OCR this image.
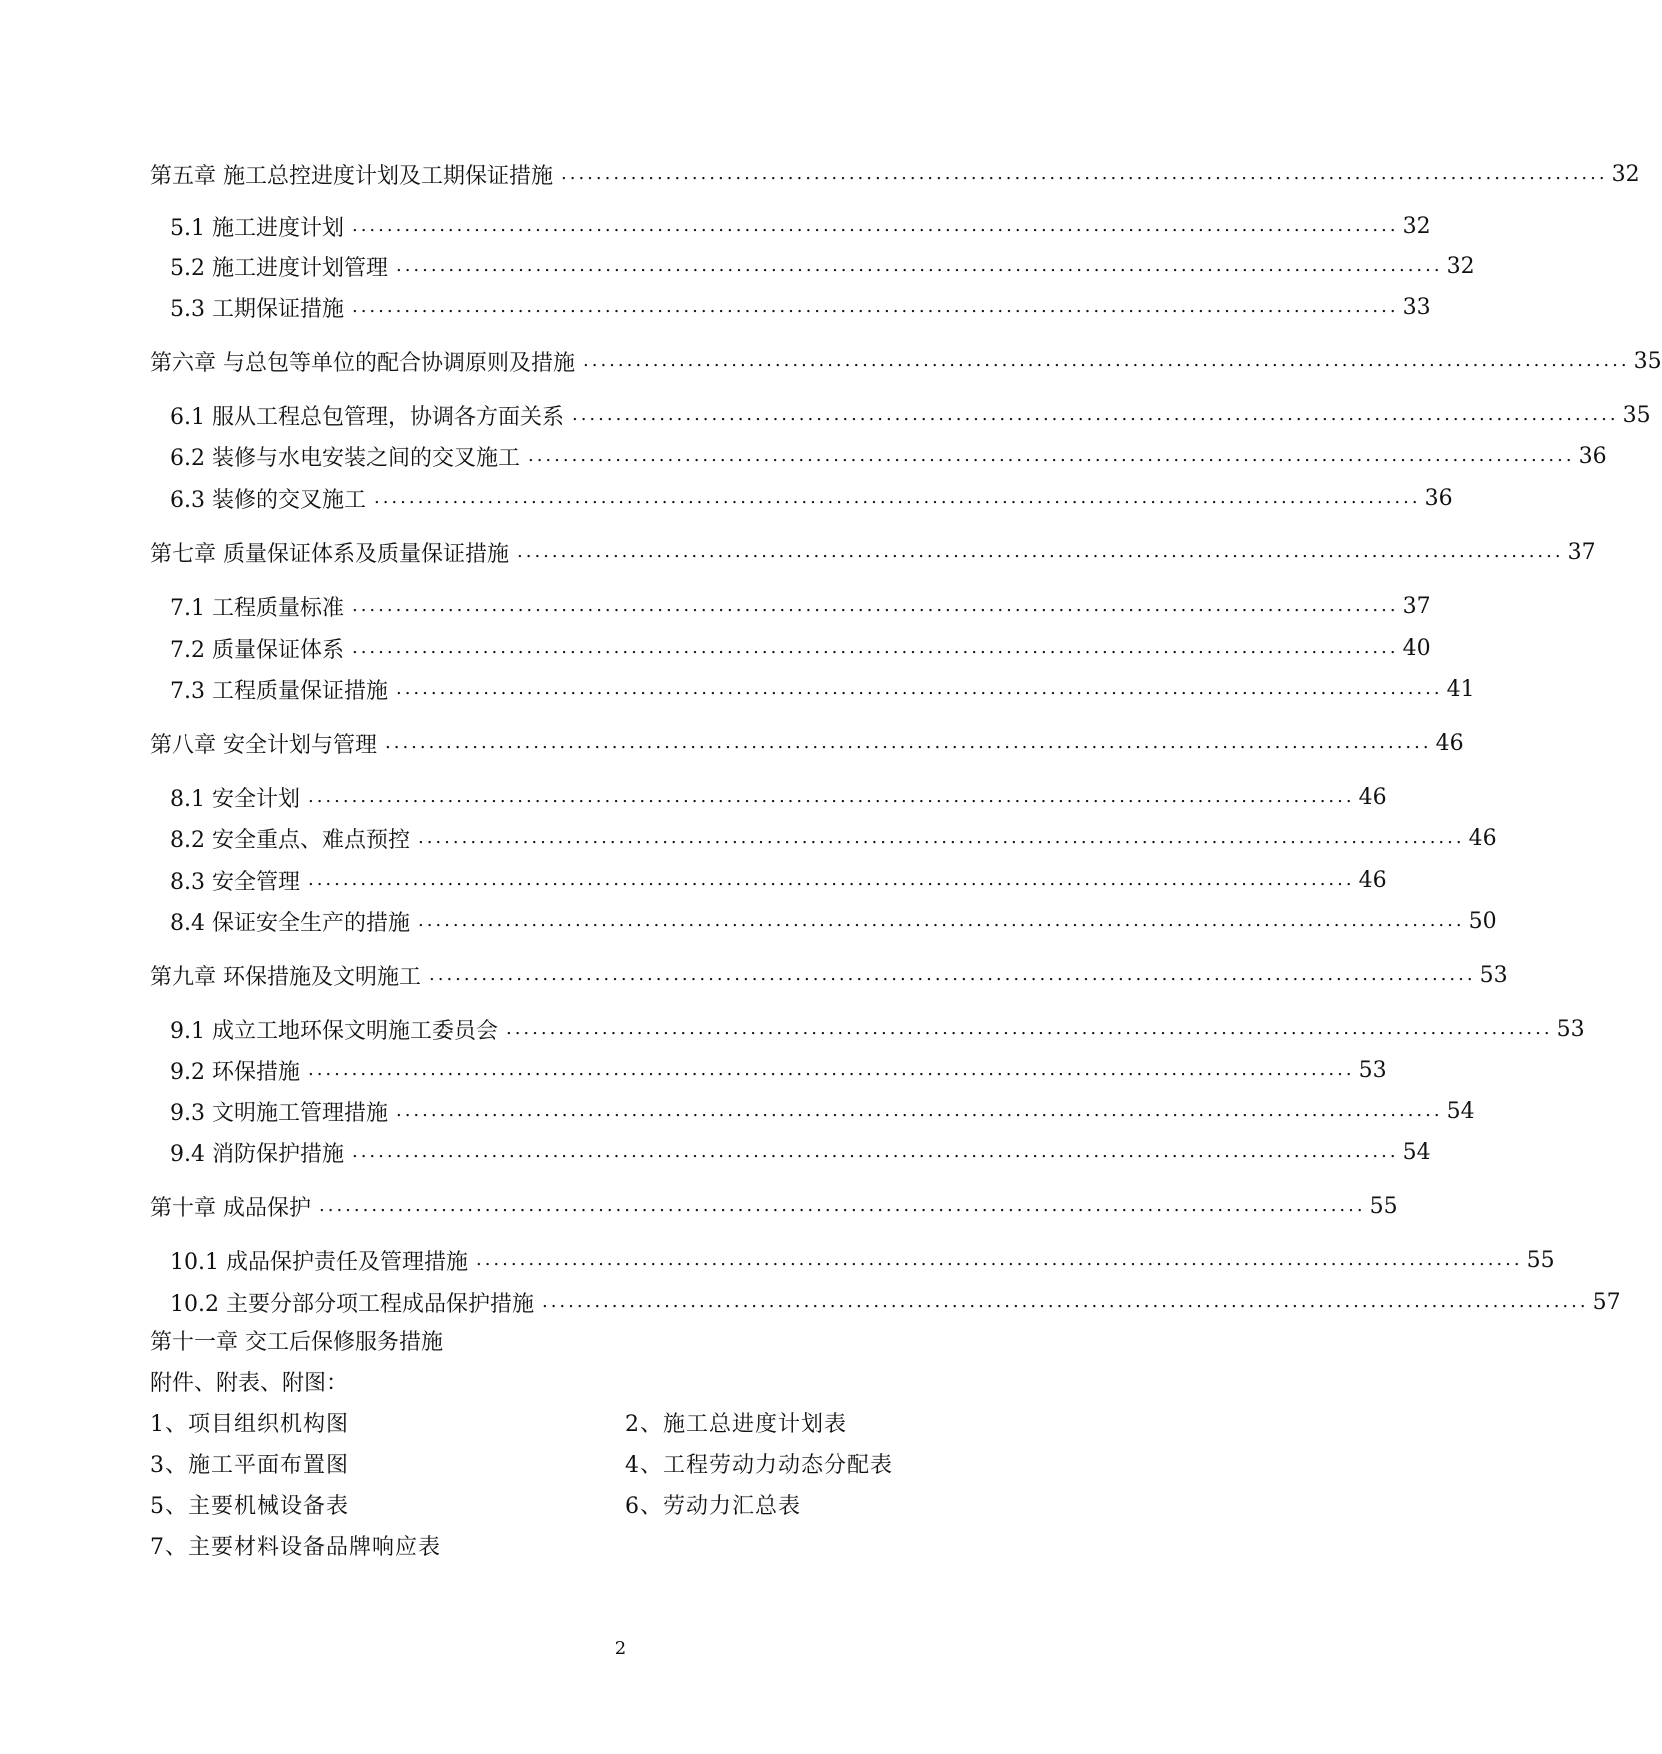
第五章 施工总控进度计划及工期保证措施 ........................................................................................................................ 32
5.1 施工进度计划 ........................................................................................................................ 32
5.2 施工进度计划管理 ........................................................................................................................ 32
5.3 工期保证措施 ........................................................................................................................ 33
第六章 与总包等单位的配合协调原则及措施 ........................................................................................................................ 35
6.1 服从工程总包管理，协调各方面关系 ........................................................................................................................ 35
6.2 装修与水电安装之间的交叉施工 ........................................................................................................................ 36
6.3 装修的交叉施工 ........................................................................................................................ 36
第七章 质量保证体系及质量保证措施 ........................................................................................................................ 37
7.1 工程质量标准 ........................................................................................................................ 37
7.2 质量保证体系 ........................................................................................................................ 40
7.3 工程质量保证措施 ........................................................................................................................ 41
第八章 安全计划与管理 ........................................................................................................................ 46
8.1 安全计划 ........................................................................................................................ 46
8.2 安全重点、难点预控 ........................................................................................................................ 46
8.3 安全管理 ........................................................................................................................ 46
8.4 保证安全生产的措施 ........................................................................................................................ 50
第九章 环保措施及文明施工 ........................................................................................................................ 53
9.1 成立工地环保文明施工委员会 ........................................................................................................................ 53
9.2 环保措施 ........................................................................................................................ 53
9.3 文明施工管理措施 ........................................................................................................................ 54
9.4 消防保护措施 ........................................................................................................................ 54
第十章 成品保护 ........................................................................................................................ 55
10.1 成品保护责任及管理措施 ........................................................................................................................ 55
10.2 主要分部分项工程成品保护措施 ........................................................................................................................ 57
第十一章 交工后保修服务措施
附件、附表、附图：
1、项目组织机构图	2、施工总进度计划表
3、施工平面布置图	4、工程劳动力动态分配表
5、主要机械设备表	6、劳动力汇总表
7、主要材料设备品牌响应表
2
